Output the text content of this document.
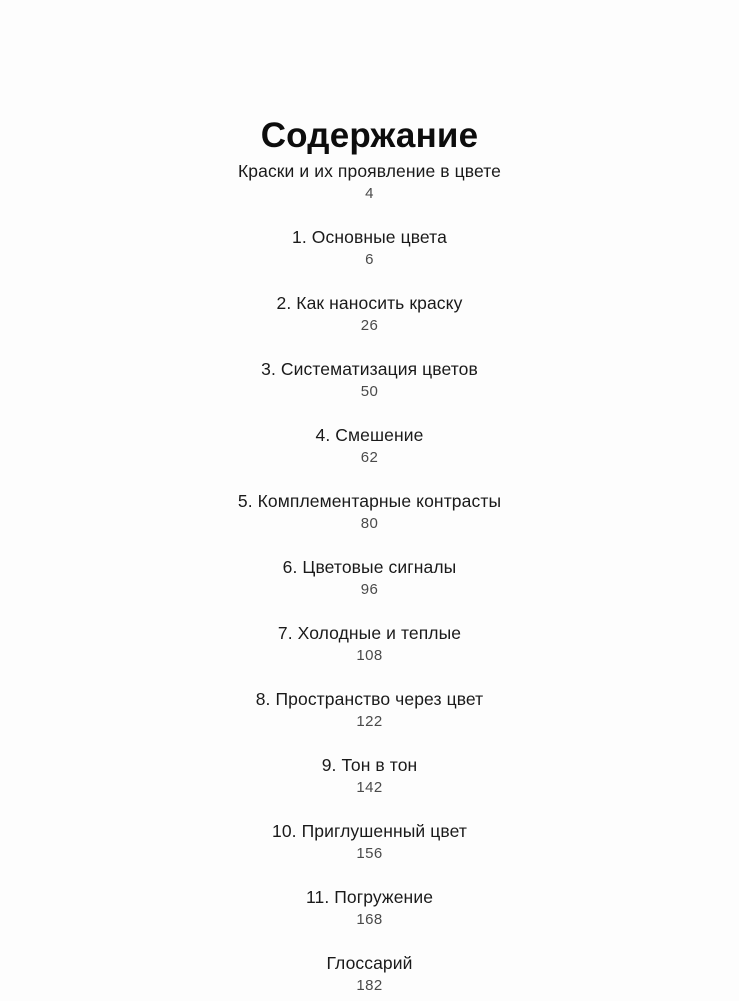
Содержание
Краски и их проявление в цвете
4
1. Основные цвета
6
2. Как наносить краску
26
3. Систематизация цветов
50
4. Смешение
62
5. Комплементарные контрасты
80
6. Цветовые сигналы
96
7. Холодные и теплые
108
8. Пространство через цвет
122
9. Тон в тон
142
10. Приглушенный цвет
156
11. Погружение
168
Глоссарий
182
